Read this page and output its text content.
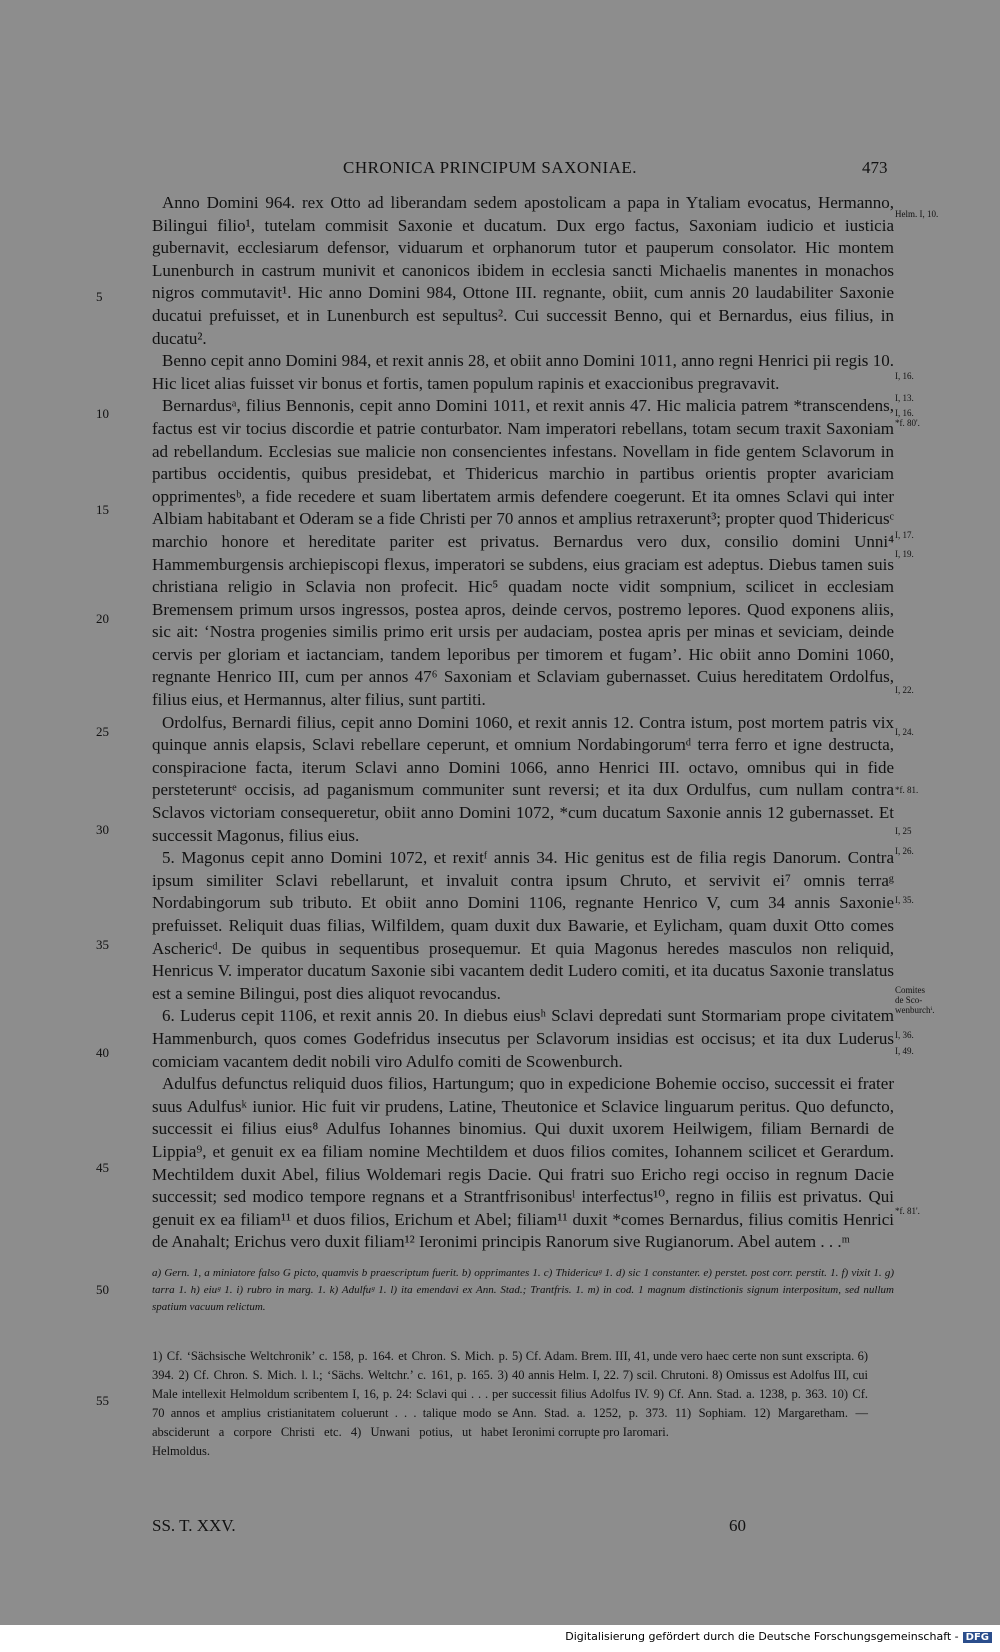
CHRONICA PRINCIPUM SAXONIAE.	473

Anno Domini 964. rex Otto ad liberandam sedem apostolicam a papa in Ytaliam evocatus, Hermanno, Bilingui filio¹, tutelam commisit Saxonie et ducatum. Dux ergo factus, Saxoniam iudicio et iusticia gubernavit, ecclesiarum defensor, viduarum et orphanorum tutor et pauperum consolator. Hic montem Lunenburch in castrum munivit et canonicos ibidem in ecclesia sancti Michaelis manentes in monachos nigros commutavit¹. Hic anno Domini 984, Ottone III. regnante, obiit, cum annis 20 laudabiliter Saxonie ducatui prefuisset, et in Lunenburch est sepultus². Cui successit Benno, qui et Bernardus, eius filius, in ducatu².

Benno cepit anno Domini 984, et rexit annis 28, et obiit anno Domini 1011, anno regni Henrici pii regis 10. Hic licet alias fuisset vir bonus et fortis, tamen populum rapinis et exaccionibus pregravavit.

Bernardusᵃ, filius Bennonis, cepit anno Domini 1011, et rexit annis 47. Hic malicia patrem *transcendens, factus est vir tocius discordie et patrie conturbator. Nam imperatori rebellans, totam secum traxit Saxoniam ad rebellandum. Ecclesias sue malicie non consencientes infestans. Novellam in fide gentem Sclavorum in partibus occidentis, quibus presidebat, et Thidericus marchio in partibus orientis propter avariciam opprimentesᵇ, a fide recedere et suam libertatem armis defendere coegerunt. Et ita omnes Sclavi qui inter Albiam habitabant et Oderam se a fide Christi per 70 annos et amplius retraxerunt³; propter quod Thidericusᶜ marchio honore et hereditate pariter est privatus. Bernardus vero dux, consilio domini Unni⁴ Hammemburgensis archiepiscopi flexus, imperatori se subdens, eius graciam est adeptus. Diebus tamen suis christiana religio in Sclavia non profecit. Hic⁵ quadam nocte vidit sompnium, scilicet in ecclesiam Bremensem primum ursos ingressos, postea apros, deinde cervos, postremo lepores. Quod exponens aliis, sic ait: ‘Nostra progenies similis primo erit ursis per audaciam, postea apris per minas et seviciam, deinde cervis per gloriam et iactanciam, tandem leporibus per timorem et fugam’. Hic obiit anno Domini 1060, regnante Henrico III, cum per annos 47⁶ Saxoniam et Sclaviam gubernasset. Cuius hereditatem Ordolfus, filius eius, et Hermannus, alter filius, sunt partiti.

Ordolfus, Bernardi filius, cepit anno Domini 1060, et rexit annis 12. Contra istum, post mortem patris vix quinque annis elapsis, Sclavi rebellare ceperunt, et omnium Nordabingorumᵈ terra ferro et igne destructa, conspiracione facta, iterum Sclavi anno Domini 1066, anno Henrici III. octavo, omnibus qui in fide persteteruntᵉ occisis, ad paganismum communiter sunt reversi; et ita dux Ordulfus, cum nullam contra Sclavos victoriam consequeretur, obiit anno Domini 1072, *cum ducatum Saxonie annis 12 gubernasset. Et successit Magonus, filius eius.

5. Magonus cepit anno Domini 1072, et rexitᶠ annis 34. Hic genitus est de filia regis Danorum. Contra ipsum similiter Sclavi rebellarunt, et invaluit contra ipsum Chruto, et servivit ei⁷ omnis terraᵍ Nordabingorum sub tributo. Et obiit anno Domini 1106, regnante Henrico V, cum 34 annis Saxonie prefuisset. Reliquit duas filias, Wilfildem, quam duxit dux Bawarie, et Eylicham, quam duxit Otto comes Aschericᵈ. De quibus in sequentibus prosequemur. Et quia Magonus heredes masculos non reliquid, Henricus V. imperator ducatum Saxonie sibi vacantem dedit Ludero comiti, et ita ducatus Saxonie translatus est a semine Bilingui, post dies aliquot revocandus.

6. Luderus cepit 1106, et rexit annis 20. In diebus eiusʰ Sclavi depredati sunt Stormariam prope civitatem Hammenburch, quos comes Godefridus insecutus per Sclavorum insidias est occisus; et ita dux Luderus comiciam vacantem dedit nobili viro Adulfo comiti de Scowenburch.

Adulfus defunctus reliquid duos filios, Hartungum; quo in expedicione Bohemie occiso, successit ei frater suus Adulfusᵏ iunior. Hic fuit vir prudens, Latine, Theutonice et Sclavice linguarum peritus. Quo defuncto, successit ei filius eius⁸ Adulfus Iohannes binomius. Qui duxit uxorem Heilwigem, filiam Bernardi de Lippia⁹, et genuit ex ea filiam nomine Mechtildem et duos filios comites, Iohannem scilicet et Gerardum. Mechtildem duxit Abel, filius Woldemari regis Dacie. Qui fratri suo Ericho regi occiso in regnum Dacie successit; sed modico tempore regnans et a Strantfrisonibusˡ interfectus¹⁰, regno in filiis est privatus. Qui genuit ex ea filiam¹¹ et duos filios, Erichum et Abel; filiam¹¹ duxit *comes Bernardus, filius comitis Henrici de Anahalt; Erichus vero duxit filiam¹² Ieronimi principis Ranorum sive Rugianorum. Abel autem . . .ᵐ

5
10
15
20
25
30
35
40
45
50
55
Helm. I, 10.
I, 16.
I, 13.
I, 16.
*f. 80'.
I, 17.
I, 19.
I, 22.
I, 24.
*f. 81.
I, 25
I, 26.
I, 35.
Comites
de Sco-
wenburchⁱ.
I, 36.
I, 49.
*f. 81'.
a) Gern. 1, a miniatore falso G picto, quamvis b praescriptum fuerit. b) opprimantes 1. c) Thidericuᵍ 1. d) sic 1 constanter. e) perstet. post corr. perstit. 1. f) vixit 1. g) tarra 1. h) eiuᵍ 1. i) rubro in marg. 1. k) Adulfuᵍ 1. l) ita emendavi ex Ann. Stad.; Trantfris. 1. m) in cod. 1 magnum distinctionis signum interpositum, sed nullum spatium vacuum relictum.

1) Cf. ‘Sächsische Weltchronik’ c. 158, p. 164. et Chron. S. Mich. p. 394. 2) Cf. Chron. S. Mich. l. l.; ‘Sächs. Weltchr.’ c. 161, p. 165. 3) Male intellexit Helmoldum scribentem I, 16, p. 24: Sclavi qui . . . per 70 annos et amplius cristianitatem coluerunt . . . talique modo se absciderunt a corpore Christi etc. 4) Unwani potius, ut habet Helmoldus.

5) Cf. Adam. Brem. III, 41, unde vero haec certe non sunt exscripta. 6) 40 annis Helm. I, 22. 7) scil. Chrutoni. 8) Omissus est Adolfus III, cui successit filius Adolfus IV. 9) Cf. Ann. Stad. a. 1238, p. 363. 10) Cf. Ann. Stad. a. 1252, p. 373. 11) Sophiam. 12) Margaretham. — Ieronimi corrupte pro Iaromari.

SS. T. XXV.	60
Digitalisierung gefördert durch die Deutsche Forschungsgemeinschaft - DFG
